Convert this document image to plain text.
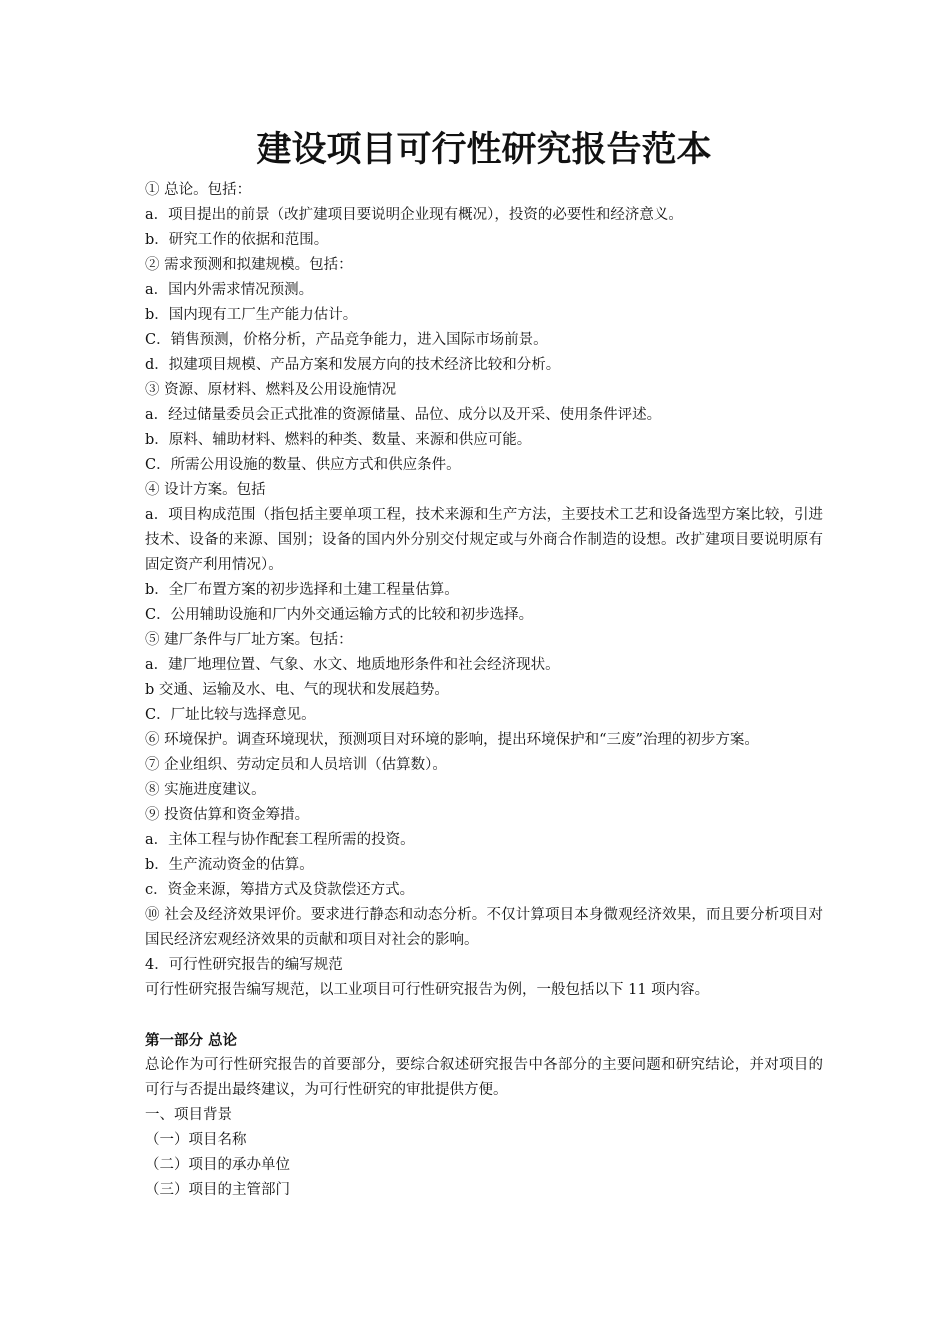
建设项目可行性研究报告范本
① 总论。包括：
a．项目提出的前景（改扩建项目要说明企业现有概况），投资的必要性和经济意义。
b．研究工作的依据和范围。
② 需求预测和拟建规模。包括：
a．国内外需求情况预测。
b．国内现有工厂生产能力估计。
C．销售预测，价格分析，产品竞争能力，进入国际市场前景。
d．拟建项目规模、产品方案和发展方向的技术经济比较和分析。
③ 资源、原材料、燃料及公用设施情况
a．经过储量委员会正式批准的资源储量、品位、成分以及开采、使用条件评述。
b．原料、辅助材料、燃料的种类、数量、来源和供应可能。
C．所需公用设施的数量、供应方式和供应条件。
④ 设计方案。包括
a．项目构成范围（指包括主要单项工程，技术来源和生产方法，主要技术工艺和设备选型方案比较，引进技术、设备的来源、国别；设备的国内外分别交付规定或与外商合作制造的设想。改扩建项目要说明原有固定资产利用情况）。
b．全厂布置方案的初步选择和土建工程量估算。
C．公用辅助设施和厂内外交通运输方式的比较和初步选择。
⑤ 建厂条件与厂址方案。包括：
a．建厂地理位置、气象、水文、地质地形条件和社会经济现状。
b 交通、运输及水、电、气的现状和发展趋势。
C．厂址比较与选择意见。
⑥ 环境保护。调查环境现状，预测项目对环境的影响，提出环境保护和“三废”治理的初步方案。
⑦ 企业组织、劳动定员和人员培训（估算数）。
⑧ 实施进度建议。
⑨ 投资估算和资金筹措。
a．主体工程与协作配套工程所需的投资。
b．生产流动资金的估算。
c．资金来源，筹措方式及贷款偿还方式。
⑩ 社会及经济效果评价。要求进行静态和动态分析。不仅计算项目本身微观经济效果，而且要分析项目对国民经济宏观经济效果的贡献和项目对社会的影响。
4．可行性研究报告的编写规范
可行性研究报告编写规范，以工业项目可行性研究报告为例，一般包括以下 11 项内容。
第一部分 总论
总论作为可行性研究报告的首要部分，要综合叙述研究报告中各部分的主要问题和研究结论，并对项目的可行与否提出最终建议，为可行性研究的审批提供方便。
一、项目背景
（一）项目名称
（二）项目的承办单位
（三）项目的主管部门
